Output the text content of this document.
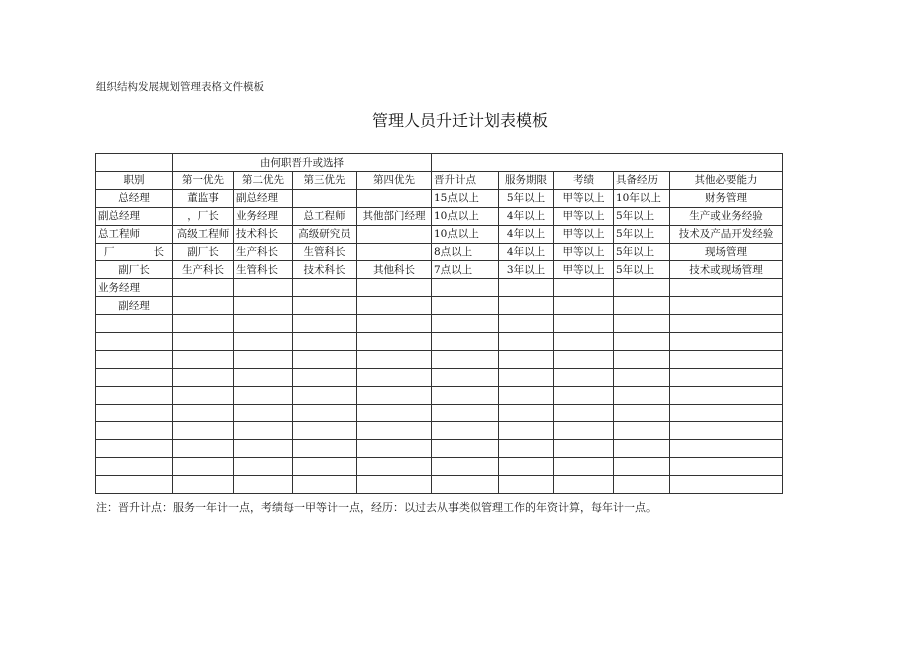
组织结构发展规划管理表格文件模板
管理人员升迁计划表模板
	由何职晋升或选择								
职别	第一优先	第二优先	第三优先	第四优先	晋升计点	服务期限	考绩	具备经历	其他必要能力
总经理	董监事	副总经理			15点以上	5年以上	甲等以上	10年以上	财务管理
副总经理	，厂长	业务经理	总工程师	其他部门经理	10点以上	4年以上	甲等以上	5年以上	生产或业务经验
总工程师	高级工程师	技术科长	高级研究员		10点以上	4年以上	甲等以上	5年以上	技术及产品开发经验
厂长	副厂长	生产科长	生管科长		8点以上	4年以上	甲等以上	5年以上	现场管理
副厂长	生产科长	生管科长	技术科长	其他科长	7点以上	3年以上	甲等以上	5年以上	技术或现场管理
业务经理									
副经理									

注：晋升计点：服务一年计一点，考绩每一甲等计一点，经历：以过去从事类似管理工作的年资计算，每年计一点。
